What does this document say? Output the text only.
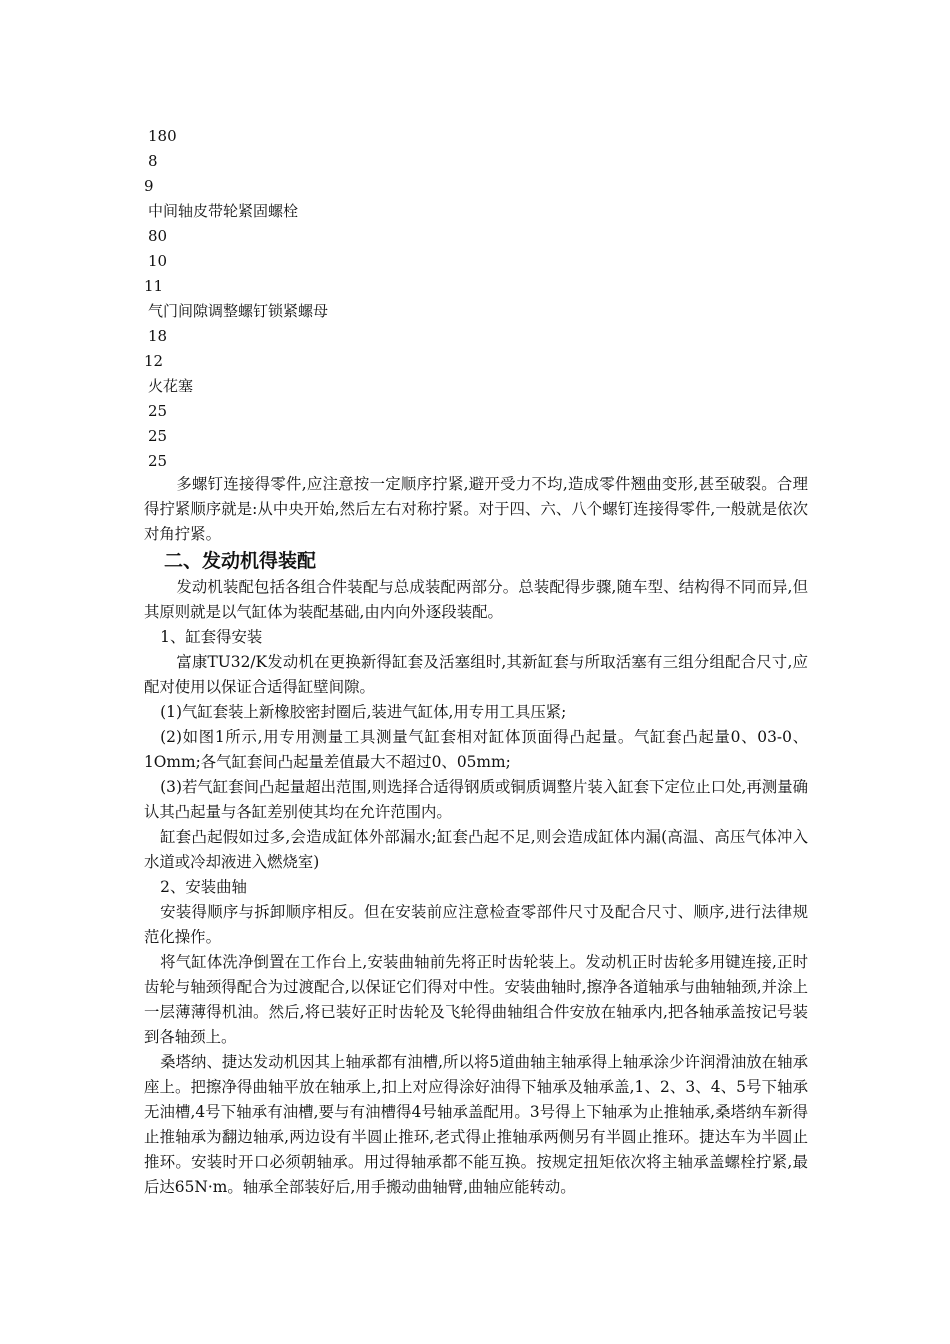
180
8
9
中间轴皮带轮紧固螺栓
80
10
11
气门间隙调整螺钉锁紧螺母
18
12
火花塞
25
25
25

多螺钉连接得零件,应注意按一定顺序拧紧,避开受力不均,造成零件翘曲变形,甚至破裂。合理得拧紧顺序就是:从中央开始,然后左右对称拧紧。对于四、六、八个螺钉连接得零件,一般就是依次对角拧紧。

二、发动机得装配

发动机装配包括各组合件装配与总成装配两部分。总装配得步骤,随车型、结构得不同而异,但其原则就是以气缸体为装配基础,由内向外逐段装配。

1、缸套得安装

富康TU32/K发动机在更换新得缸套及活塞组时,其新缸套与所取活塞有三组分组配合尺寸,应配对使用以保证合适得缸壁间隙。

(1)气缸套装上新橡胶密封圈后,装进气缸体,用专用工具压紧;

(2)如图1所示,用专用测量工具测量气缸套相对缸体顶面得凸起量。气缸套凸起量0、03-0、1Omm;各气缸套间凸起量差值最大不超过0、05mm;

(3)若气缸套间凸起量超出范围,则选择合适得钢质或铜质调整片装入缸套下定位止口处,再测量确认其凸起量与各缸差别使其均在允许范围内。

缸套凸起假如过多,会造成缸体外部漏水;缸套凸起不足,则会造成缸体内漏(高温、高压气体冲入水道或冷却液进入燃烧室)

2、安装曲轴

安装得顺序与拆卸顺序相反。但在安装前应注意检查零部件尺寸及配合尺寸、顺序,进行法律规范化操作。

将气缸体洗净倒置在工作台上,安装曲轴前先将正时齿轮装上。发动机正时齿轮多用键连接,正时齿轮与轴颈得配合为过渡配合,以保证它们得对中性。安装曲轴时,擦净各道轴承与曲轴轴颈,并涂上一层薄薄得机油。然后,将已装好正时齿轮及飞轮得曲轴组合件安放在轴承内,把各轴承盖按记号装到各轴颈上。

桑塔纳、捷达发动机因其上轴承都有油槽,所以将5道曲轴主轴承得上轴承涂少许润滑油放在轴承座上。把擦净得曲轴平放在轴承上,扣上对应得涂好油得下轴承及轴承盖,1、2、3、4、5号下轴承无油槽,4号下轴承有油槽,要与有油槽得4号轴承盖配用。3号得上下轴承为止推轴承,桑塔纳车新得止推轴承为翻边轴承,两边设有半圆止推环,老式得止推轴承两侧另有半圆止推环。捷达车为半圆止推环。安装时开口必须朝轴承。用过得轴承都不能互换。按规定扭矩依次将主轴承盖螺栓拧紧,最后达65N·m。轴承全部装好后,用手搬动曲轴臂,曲轴应能转动。
